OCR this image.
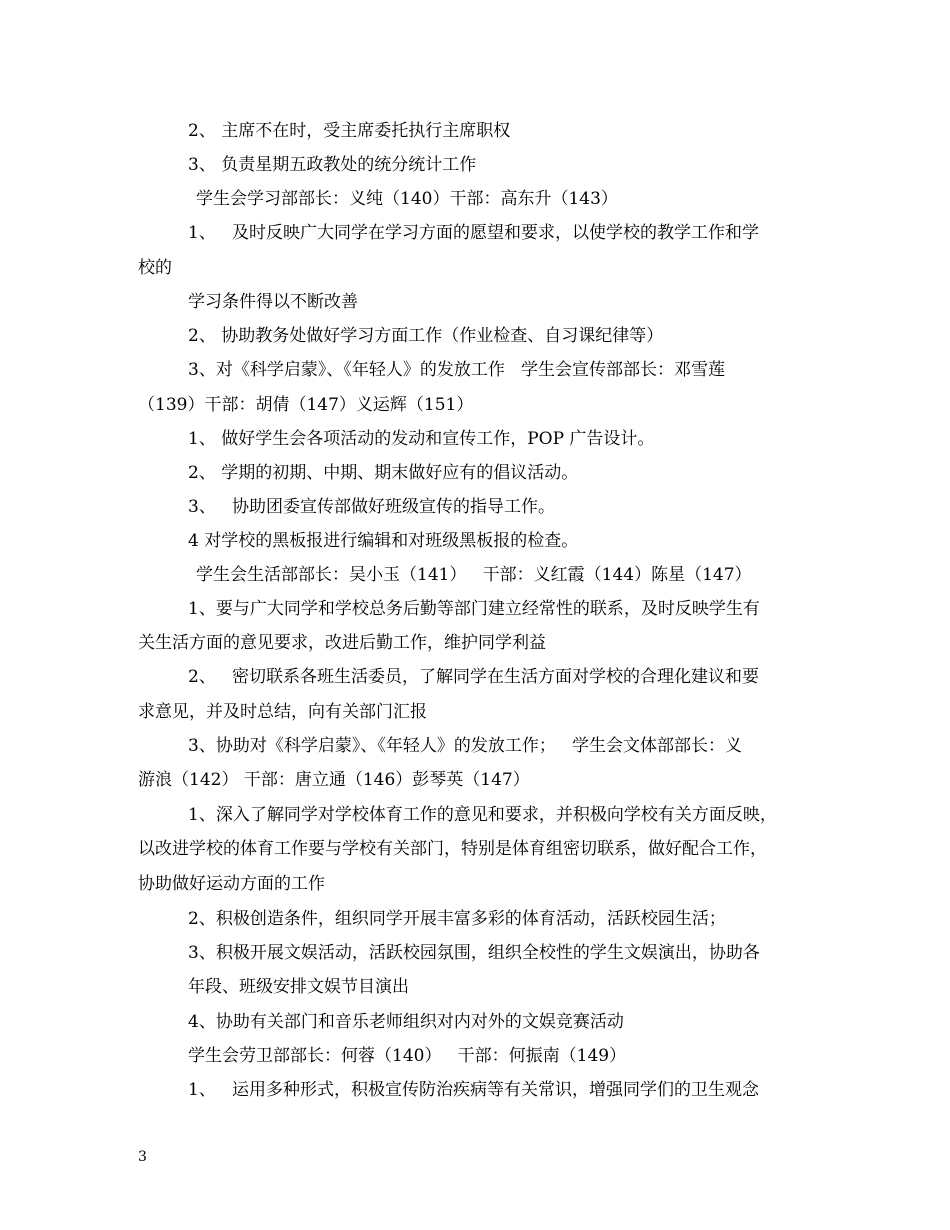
2、 主席不在时，受主席委托执行主席职权
3、 负责星期五政教处的统分统计工作
学生会学习部部长：义纯（140）干部：高东升（143）
1、   及时反映广大同学在学习方面的愿望和要求，以使学校的教学工作和学
校的
学习条件得以不断改善
2、 协助教务处做好学习方面工作（作业检查、自习课纪律等）
3、对《科学启蒙》、《年轻人》的发放工作   学生会宣传部部长：邓雪莲
（139）干部：胡倩（147）义运辉（151）
1、 做好学生会各项活动的发动和宣传工作，POP 广告设计。
2、 学期的初期、中期、期末做好应有的倡议活动。
3、   协助团委宣传部做好班级宣传的指导工作。
4 对学校的黑板报进行编辑和对班级黑板报的检查。
学生会生活部部长：吴小玉（141）   干部：义红霞（144）陈星（147）
1、要与广大同学和学校总务后勤等部门建立经常性的联系，及时反映学生有
关生活方面的意见要求，改进后勤工作，维护同学利益
2、   密切联系各班生活委员，了解同学在生活方面对学校的合理化建议和要
求意见，并及时总结，向有关部门汇报
3、协助对《科学启蒙》、《年轻人》的发放工作；   学生会文体部部长：义
游浪（142） 干部：唐立通（146）彭琴英（147）
1、深入了解同学对学校体育工作的意见和要求，并积极向学校有关方面反映，
以改进学校的体育工作要与学校有关部门，特别是体育组密切联系，做好配合工作，
协助做好运动方面的工作
2、积极创造条件，组织同学开展丰富多彩的体育活动，活跃校园生活；
3、积极开展文娱活动，活跃校园氛围，组织全校性的学生文娱演出，协助各
年段、班级安排文娱节目演出
4、协助有关部门和音乐老师组织对内对外的文娱竞赛活动
学生会劳卫部部长：何蓉（140）   干部：何振南（149）
1、   运用多种形式，积极宣传防治疾病等有关常识，增强同学们的卫生观念
3
